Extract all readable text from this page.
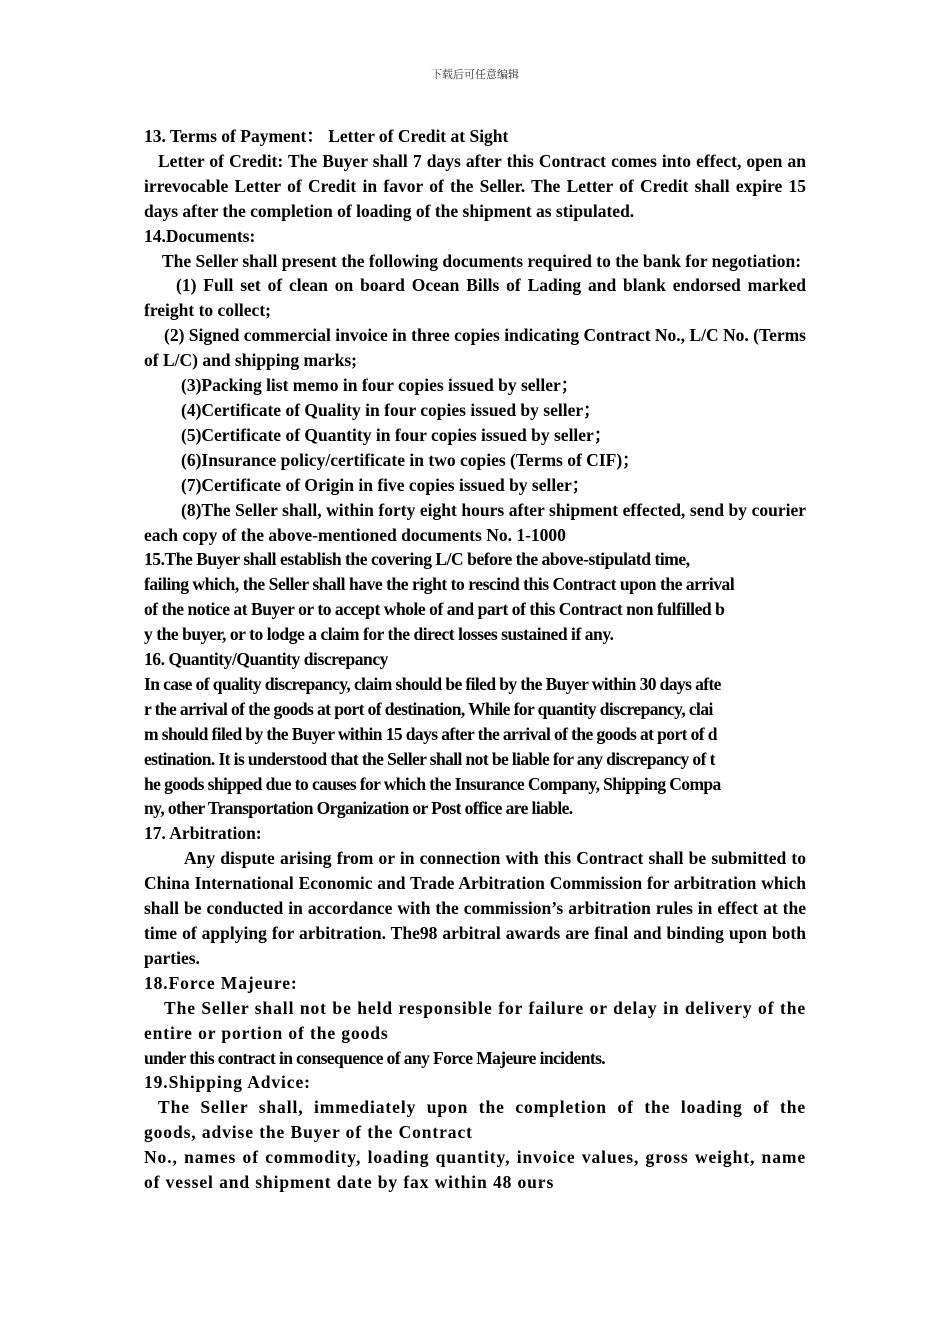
下载后可任意编辑

13. Terms of Payment： Letter of Credit at Sight

Letter of Credit: The Buyer shall 7 days after this Contract comes into effect, open an irrevocable Letter of Credit in favor of the Seller. The Letter of Credit shall expire 15 days after the completion of loading of the shipment as stipulated.

14.Documents:

The Seller shall present the following documents required to the bank for negotiation:

(1) Full set of clean on board Ocean Bills of Lading and blank endorsed marked freight to collect;

(2) Signed commercial invoice in three copies indicating Contract No., L/C No. (Terms of L/C) and shipping marks;

(3)Packing list memo in four copies issued by seller；

(4)Certificate of Quality in four copies issued by seller；

(5)Certificate of Quantity in four copies issued by seller；

(6)Insurance policy/certificate in two copies (Terms of CIF)；

(7)Certificate of Origin in five copies issued by seller；

(8)The Seller shall, within forty eight hours after shipment effected, send by courier each copy of the above-mentioned documents No. 1-1000

15.The Buyer shall establish the covering L/C before the above-stipulatd time,

failing which, the Seller shall have the right to rescind this Contract upon the arrival

of the notice at Buyer or to accept whole of and part of this Contract non fulfilled b

y the buyer, or to lodge a claim for the direct losses sustained if any.

16. Quantity/Quantity discrepancy

In case of quality discrepancy, claim should be filed by the Buyer within 30 days afte

r the arrival of the goods at port of destination, While for quantity discrepancy, clai

m should filed by the Buyer within 15 days after the arrival of the goods at port of d

estination. It is understood that the Seller shall not be liable for any discrepancy of t

he goods shipped due to causes for which the Insurance Company, Shipping Compa

ny, other Transportation Organization or Post office are liable.

17. Arbitration:

Any dispute arising from or in connection with this Contract shall be submitted to China International Economic and Trade Arbitration Commission for arbitration which shall be conducted in accordance with the commission’s arbitration rules in effect at the time of applying for arbitration. The98 arbitral awards are final and binding upon both parties.

18.Force Majeure:

The Seller shall not be held responsible for failure or delay in delivery of the entire or portion of the goods

under this contract in consequence of any Force Majeure incidents.

19.Shipping Advice:

The Seller shall, immediately upon the completion of the loading of the goods, advise the Buyer of the Contract

No., names of commodity, loading quantity, invoice values, gross weight, name of vessel and shipment date by fax within 48 ours
